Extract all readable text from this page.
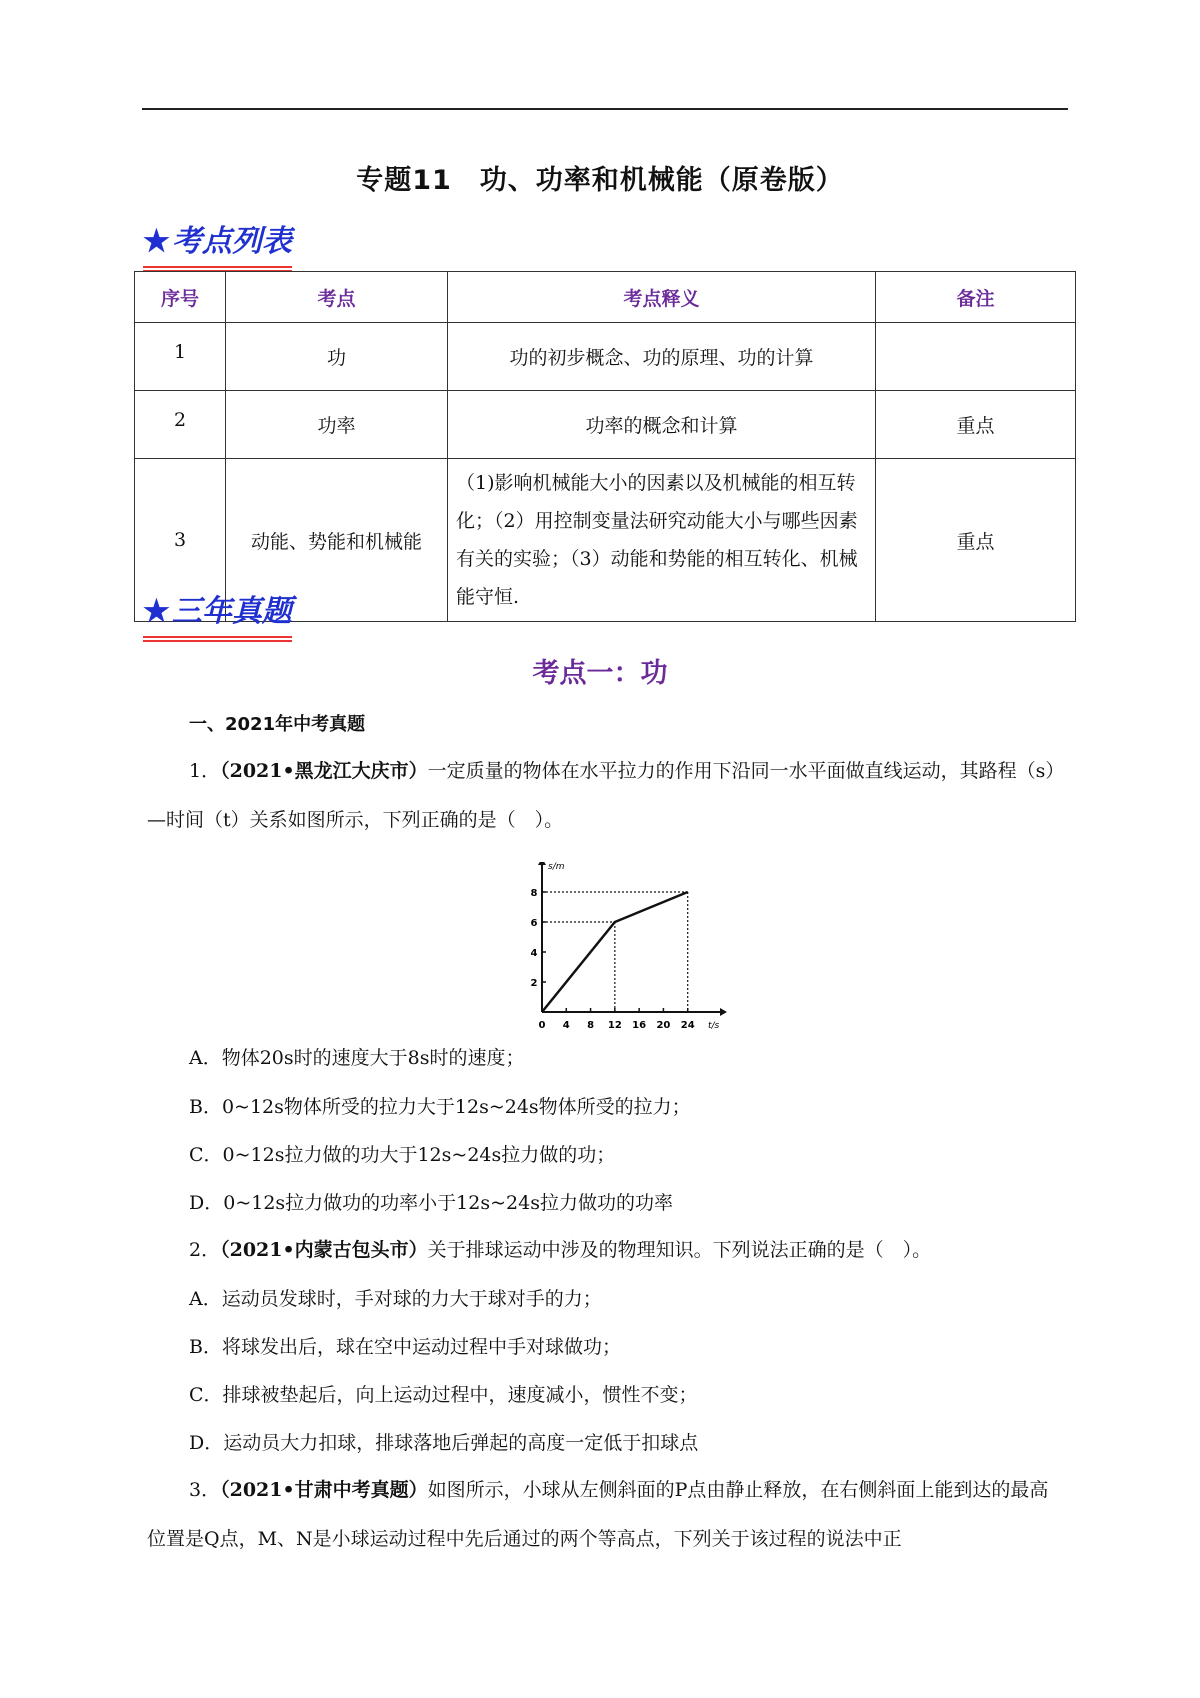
专题11　功、功率和机械能（原卷版）
★考点列表
序号	考点	考点释义	备注
1	功	功的初步概念、功的原理、功的计算	
2	功率	功率的概念和计算	重点
3	动能、势能和机械能	（1)影响机械能大小的因素以及机械能的相互转化；（2）用控制变量法研究动能大小与哪些因素有关的实验；（3）动能和势能的相互转化、机械能守恒.	重点
★三年真题
考点一：功
一、2021年中考真题
1．（2021•黑龙江大庆市）一定质量的物体在水平拉力的作用下沿同一水平面做直线运动，其路程（s）—时间（t）关系如图所示，下列正确的是（　）。
0 4 8 12 16 20 24
2
4
6
8
s/m
t/s
A．物体20s时的速度大于8s时的速度；
B．0~12s物体所受的拉力大于12s~24s物体所受的拉力；
C．0~12s拉力做的功大于12s~24s拉力做的功；
D．0~12s拉力做功的功率小于12s~24s拉力做功的功率
2．（2021•内蒙古包头市）关于排球运动中涉及的物理知识。下列说法正确的是（　）。
A．运动员发球时，手对球的力大于球对手的力；
B．将球发出后，球在空中运动过程中手对球做功；
C．排球被垫起后，向上运动过程中，速度减小，惯性不变；
D．运动员大力扣球，排球落地后弹起的高度一定低于扣球点
3．（2021•甘肃中考真题）如图所示，小球从左侧斜面的P点由静止释放，在右侧斜面上能到达的最高位置是Q点，M、N是小球运动过程中先后通过的两个等高点，下列关于该过程的说法中正
